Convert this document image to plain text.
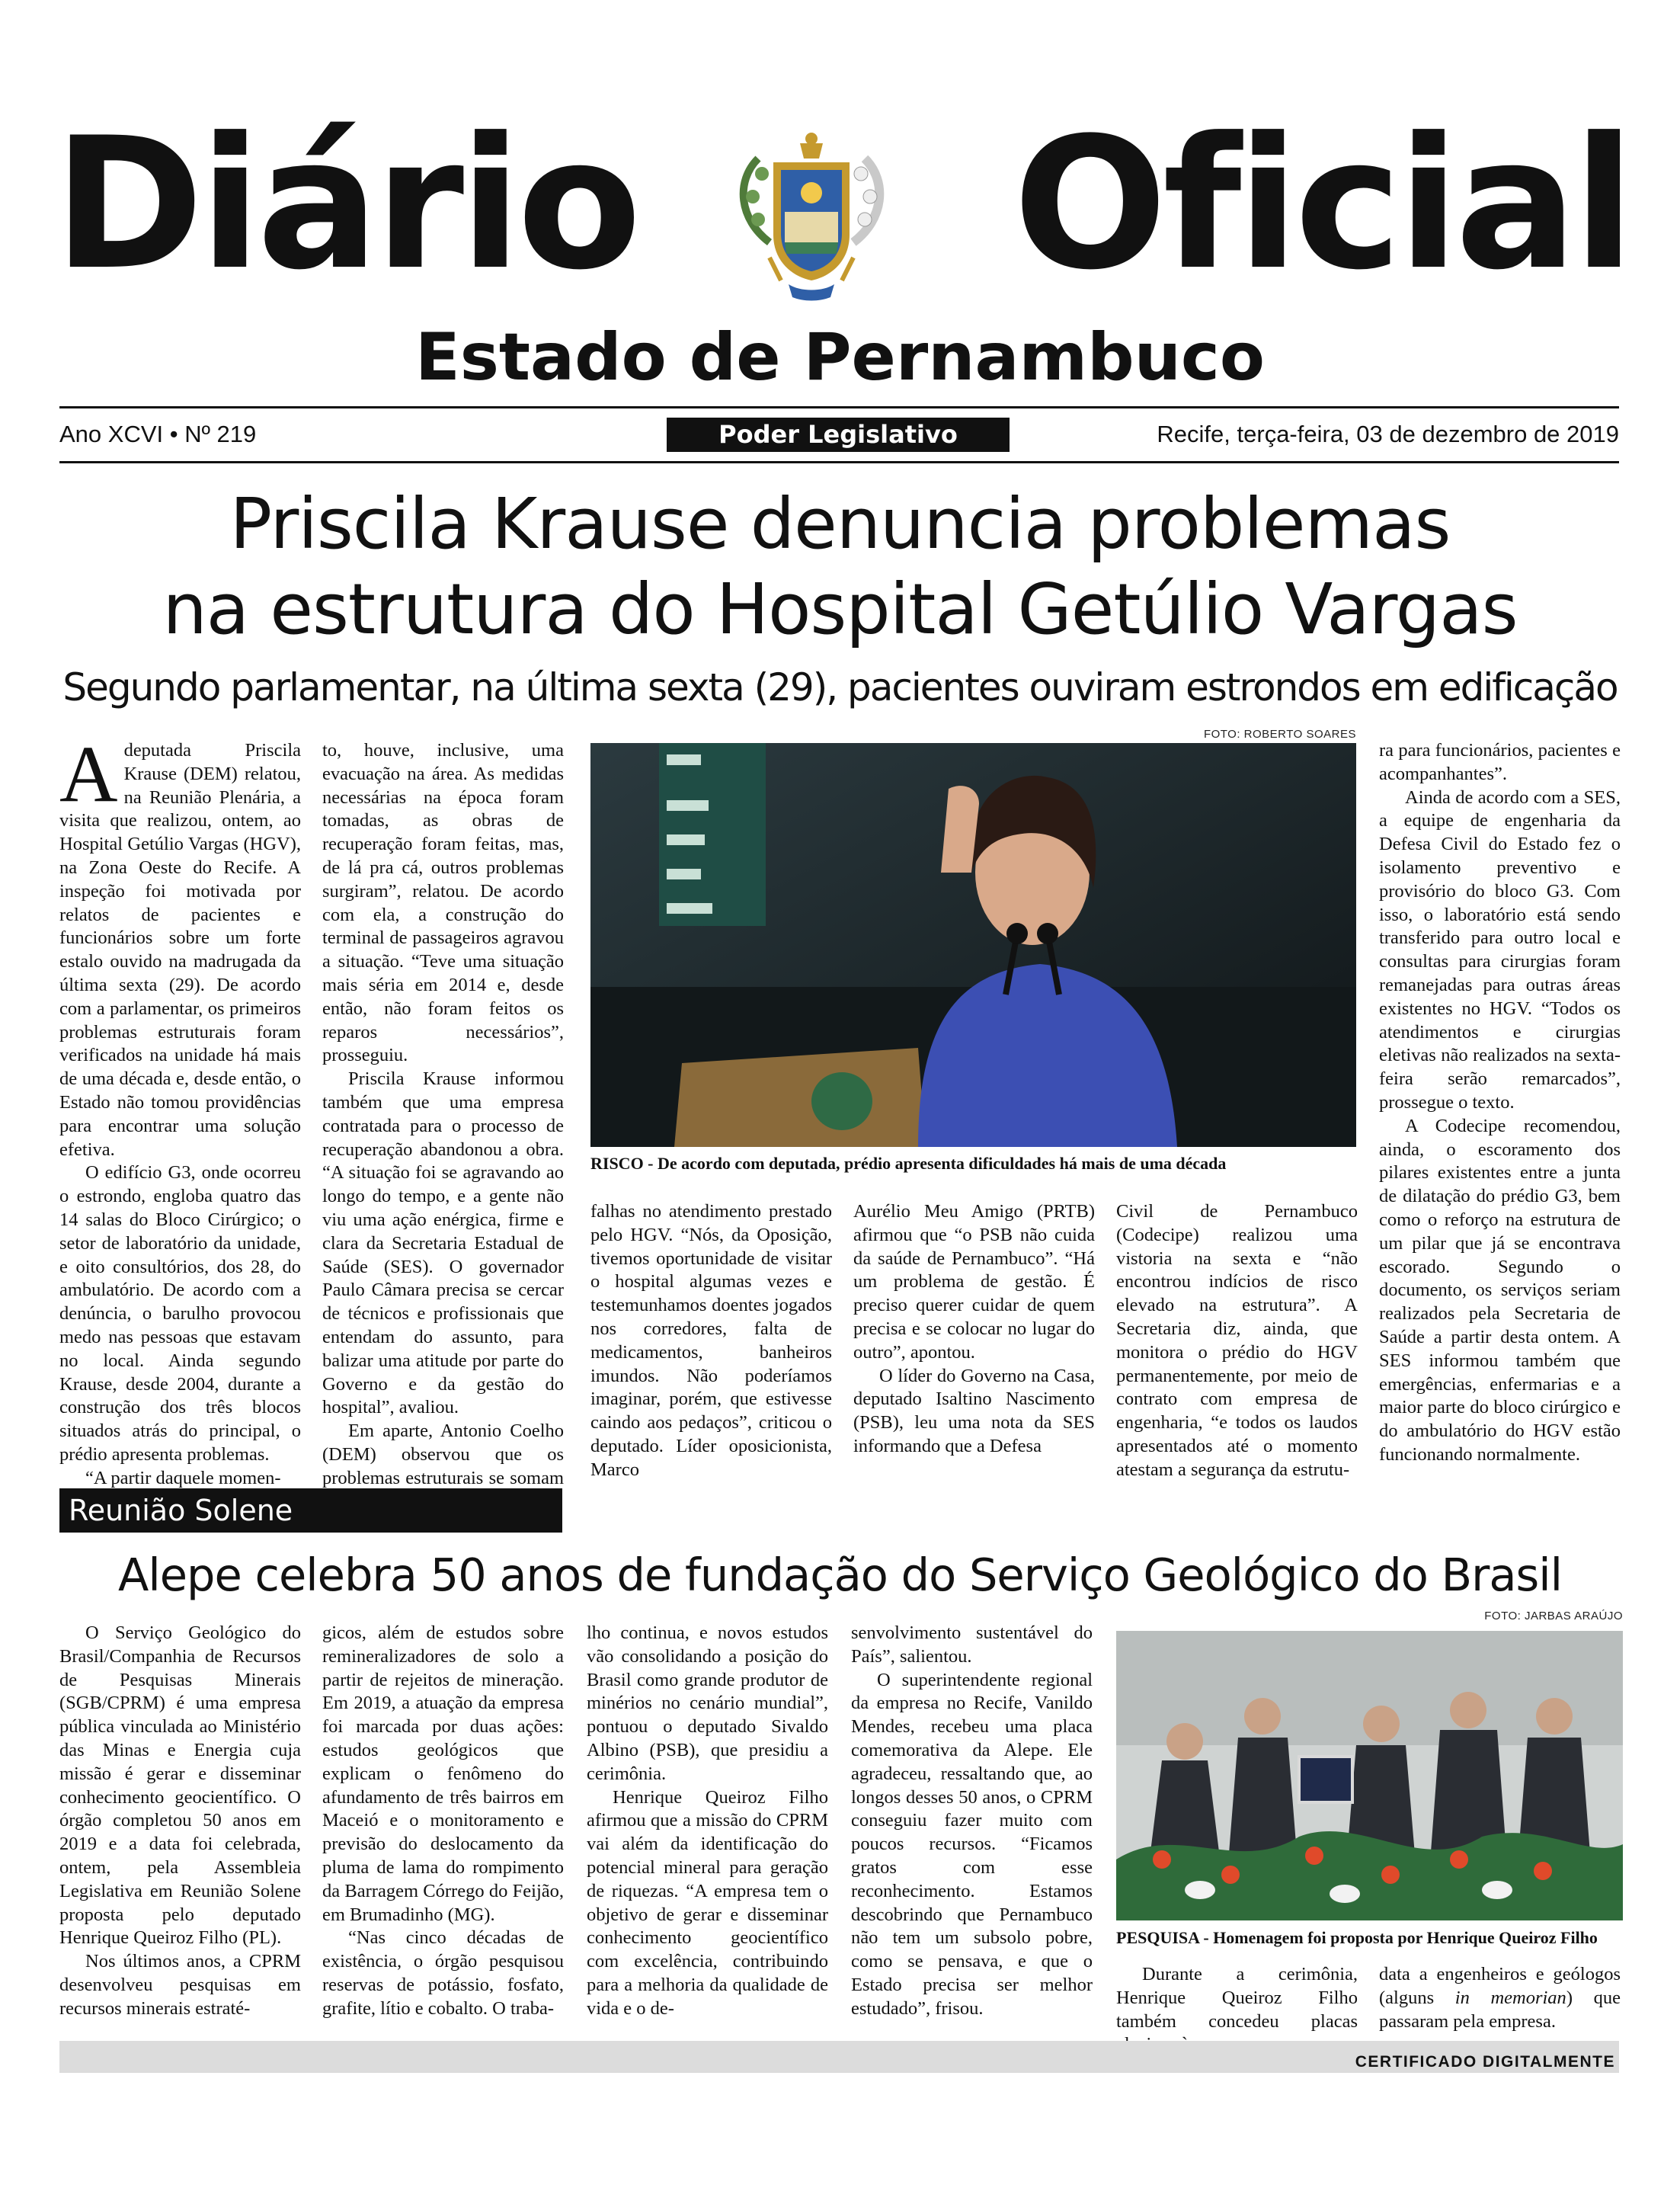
Diário	Oficial
Estado de Pernambuco
Ano XCVI • Nº 219	Poder Legislativo	Recife, terça-feira, 03 de dezembro de 2019
Priscila Krause denuncia problemas
na estrutura do Hospital Getúlio Vargas
Segundo parlamentar, na última sexta (29), pacientes ouviram estrondos em edificação

Adeputada Priscila Krause (DEM) relatou, na Reunião Plenária, a visita que realizou, ontem, ao Hospital Getúlio Vargas (HGV), na Zona Oeste do Recife. A inspeção foi motivada por relatos de pacientes e funcionários sobre um forte estalo ouvido na madrugada da última sexta (29). De acordo com a parlamentar, os primeiros problemas estruturais foram verificados na unidade há mais de uma década e, desde então, o Estado não tomou providências para encontrar uma solução efetiva.

O edifício G3, onde ocorreu o estrondo, engloba quatro das 14 salas do Bloco Cirúrgico; o setor de laboratório da unidade, e oito consultórios, dos 28, do ambulatório. De acordo com a denúncia, o barulho provocou medo nas pessoas que estavam no local. Ainda segundo Krause, desde 2004, durante a construção dos três blocos situados atrás do principal, o prédio apresenta problemas.

“A partir daquele momen-

to, houve, inclusive, uma evacuação na área. As medidas necessárias na época foram tomadas, as obras de recuperação foram feitas, mas, de lá pra cá, outros problemas surgiram”, relatou. De acordo com ela, a construção do terminal de passageiros agravou a situação. “Teve uma situação mais séria em 2014 e, desde então, não foram feitos os reparos necessários”, prosseguiu.

Priscila Krause informou também que uma empresa contratada para o processo de recuperação abandonou a obra. “A situação foi se agravando ao longo do tempo, e a gente não viu uma ação enérgica, firme e clara da Secretaria Estadual de Saúde (SES). O governador Paulo Câmara precisa se cercar de técnicos e profissionais que entendam do assunto, para balizar uma atitude por parte do Governo e da gestão do hospital”, avaliou.

Em aparte, Antonio Coelho (DEM) observou que os problemas estruturais se somam

FOTO: ROBERTO SOARES
RISCO - De acordo com deputada, prédio apresenta dificuldades há mais de uma década

falhas no atendimento prestado pelo HGV. “Nós, da Oposição, tivemos oportunidade de visitar o hospital algumas vezes e testemunhamos doentes jogados nos corredores, falta de medicamentos, banheiros imundos. Não poderíamos imaginar, porém, que estivesse caindo aos pedaços”, criticou o deputado. Líder oposicionista, Marco

Aurélio Meu Amigo (PRTB) afirmou que “o PSB não cuida da saúde de Pernambuco”. “Há um problema de gestão. É preciso querer cuidar de quem precisa e se colocar no lugar do outro”, apontou.

O líder do Governo na Casa, deputado Isaltino Nascimento (PSB), leu uma nota da SES informando que a Defesa

Civil de Pernambuco (Codecipe) realizou uma vistoria na sexta e “não encontrou indícios de risco elevado na estrutura”. A Secretaria diz, ainda, que monitora o prédio do HGV permanentemente, por meio de contrato com empresa de engenharia, “e todos os laudos apresentados até o momento atestam a segurança da estrutu-

ra para funcionários, pacientes e acompanhantes”.

Ainda de acordo com a SES, a equipe de engenharia da Defesa Civil do Estado fez o isolamento preventivo e provisório do bloco G3. Com isso, o laboratório está sendo transferido para outro local e consultas para cirurgias foram remanejadas para outras áreas existentes no HGV. “Todos os atendimentos e cirurgias eletivas não realizados na sexta-feira serão remarcados”, prossegue o texto.

A Codecipe recomendou, ainda, o escoramento dos pilares existentes entre a junta de dilatação do prédio G3, bem como o reforço na estrutura de um pilar que já se encontrava escorado. Segundo o documento, os serviços seriam realizados pela Secretaria de Saúde a partir desta ontem. A SES informou também que emergências, enfermarias e a maior parte do bloco cirúrgico e do ambulatório do HGV estão funcionando normalmente.

Reunião Solene
Alepe celebra 50 anos de fundação do Serviço Geológico do Brasil

O Serviço Geológico do Brasil/Companhia de Recursos de Pesquisas Minerais (SGB/CPRM) é uma empresa pública vinculada ao Ministério das Minas e Energia cuja missão é gerar e disseminar conhecimento geocientífico. O órgão completou 50 anos em 2019 e a data foi celebrada, ontem, pela Assembleia Legislativa em Reunião Solene proposta pelo deputado Henrique Queiroz Filho (PL).

Nos últimos anos, a CPRM desenvolveu pesquisas em recursos minerais estraté-

gicos, além de estudos sobre remineralizadores de solo a partir de rejeitos de mineração. Em 2019, a atuação da empresa foi marcada por duas ações: estudos geológicos que explicam o fenômeno do afundamento de três bairros em Maceió e o monitoramento e previsão do deslocamento da pluma de lama do rompimento da Barragem Córrego do Feijão, em Brumadinho (MG).

“Nas cinco décadas de existência, o órgão pesquisou reservas de potássio, fosfato, grafite, lítio e cobalto. O traba-

lho continua, e novos estudos vão consolidando a posição do Brasil como grande produtor de minérios no cenário mundial”, pontuou o deputado Sivaldo Albino (PSB), que presidiu a cerimônia.

Henrique Queiroz Filho afirmou que a missão do CPRM vai além da identificação do potencial mineral para geração de riquezas. “A empresa tem o objetivo de gerar e disseminar conhecimento geocientífico com excelência, contribuindo para a melhoria da qualidade de vida e o de-

senvolvimento sustentável do País”, salientou.

O superintendente regional da empresa no Recife, Vanildo Mendes, recebeu uma placa comemorativa da Alepe. Ele agradeceu, ressaltando que, ao longos desses 50 anos, o CPRM conseguiu fazer muito com poucos recursos. “Ficamos gratos com esse reconhecimento. Estamos descobrindo que Pernambuco não tem um subsolo pobre, como se pensava, e que o Estado precisa ser melhor estudado”, frisou.

FOTO: JARBAS ARAÚJO
PESQUISA - Homenagem foi proposta por Henrique Queiroz Filho

Durante a cerimônia, Henrique Queiroz Filho também concedeu placas

data a engenheiros e geólogos (alguns in memorian) que passaram pela empresa.

CERTIFICADO DIGITALMENTE
